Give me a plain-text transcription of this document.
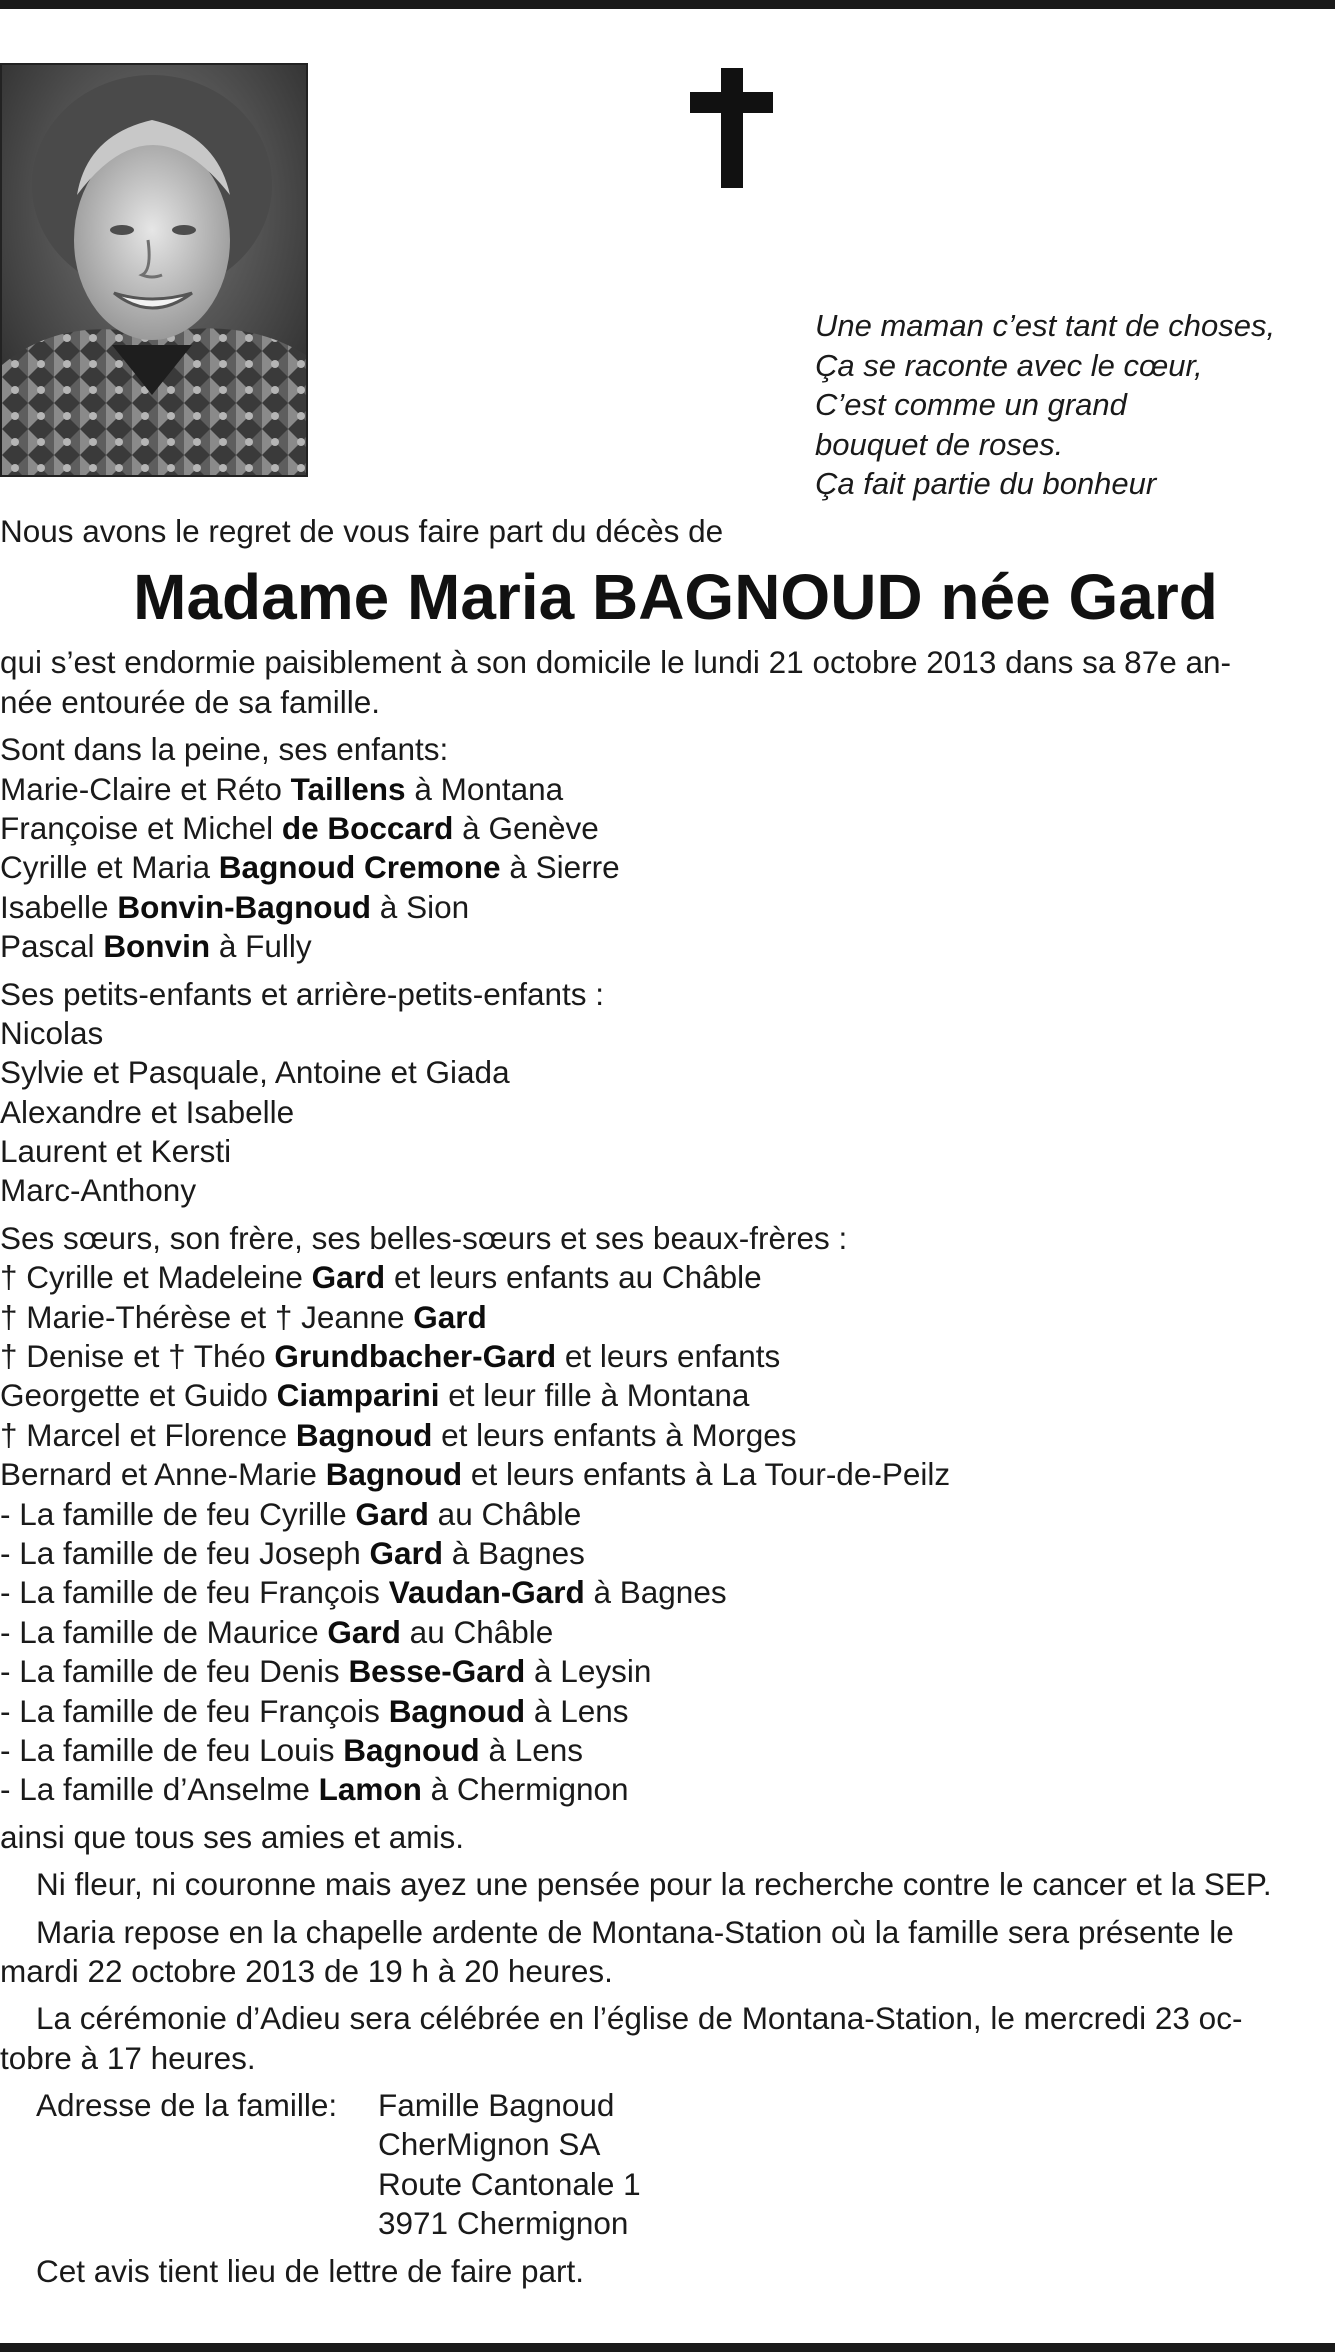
Une maman c’est tant de choses,
Ça se raconte avec le cœur,
C’est comme un grand
bouquet de roses.
Ça fait partie du bonheur
Nous avons le regret de vous faire part du décès de
Madame Maria BAGNOUD née Gard
qui s’est endormie paisiblement à son domicile le lundi 21 octobre 2013 dans sa 87e an-
née entourée de sa famille.
Sont dans la peine, ses enfants:
Marie-Claire et Réto Taillens à Montana
Françoise et Michel de Boccard à Genève
Cyrille et Maria Bagnoud Cremone à Sierre
Isabelle Bonvin-Bagnoud à Sion
Pascal Bonvin à Fully
Ses petits-enfants et arrière-petits-enfants :
Nicolas
Sylvie et Pasquale, Antoine et Giada
Alexandre et Isabelle
Laurent et Kersti
Marc-Anthony
Ses sœurs, son frère, ses belles-sœurs et ses beaux-frères :
† Cyrille et Madeleine Gard et leurs enfants au Châble
† Marie-Thérèse et † Jeanne Gard
† Denise et † Théo Grundbacher-Gard et leurs enfants
Georgette et Guido Ciamparini et leur fille à Montana
† Marcel et Florence Bagnoud et leurs enfants à Morges
Bernard et Anne-Marie Bagnoud et leurs enfants à La Tour-de-Peilz
- La famille de feu Cyrille Gard au Châble
- La famille de feu Joseph Gard à Bagnes
- La famille de feu François Vaudan-Gard à Bagnes
- La famille de Maurice Gard au Châble
- La famille de feu Denis Besse-Gard à Leysin
- La famille de feu François Bagnoud à Lens
- La famille de feu Louis Bagnoud à Lens
- La famille d’Anselme Lamon à Chermignon
ainsi que tous ses amies et amis.
Ni fleur, ni couronne mais ayez une pensée pour la recherche contre le cancer et la SEP.
Maria repose en la chapelle ardente de Montana-Station où la famille sera présente le
mardi 22 octobre 2013 de 19 h à 20 heures.
La cérémonie d’Adieu sera célébrée en l’église de Montana-Station, le mercredi 23 oc-
tobre à 17 heures.
Adresse de la famille:	Famille Bagnoud
CherMignon SA
Route Cantonale 1
3971 Chermignon
Cet avis tient lieu de lettre de faire part.
